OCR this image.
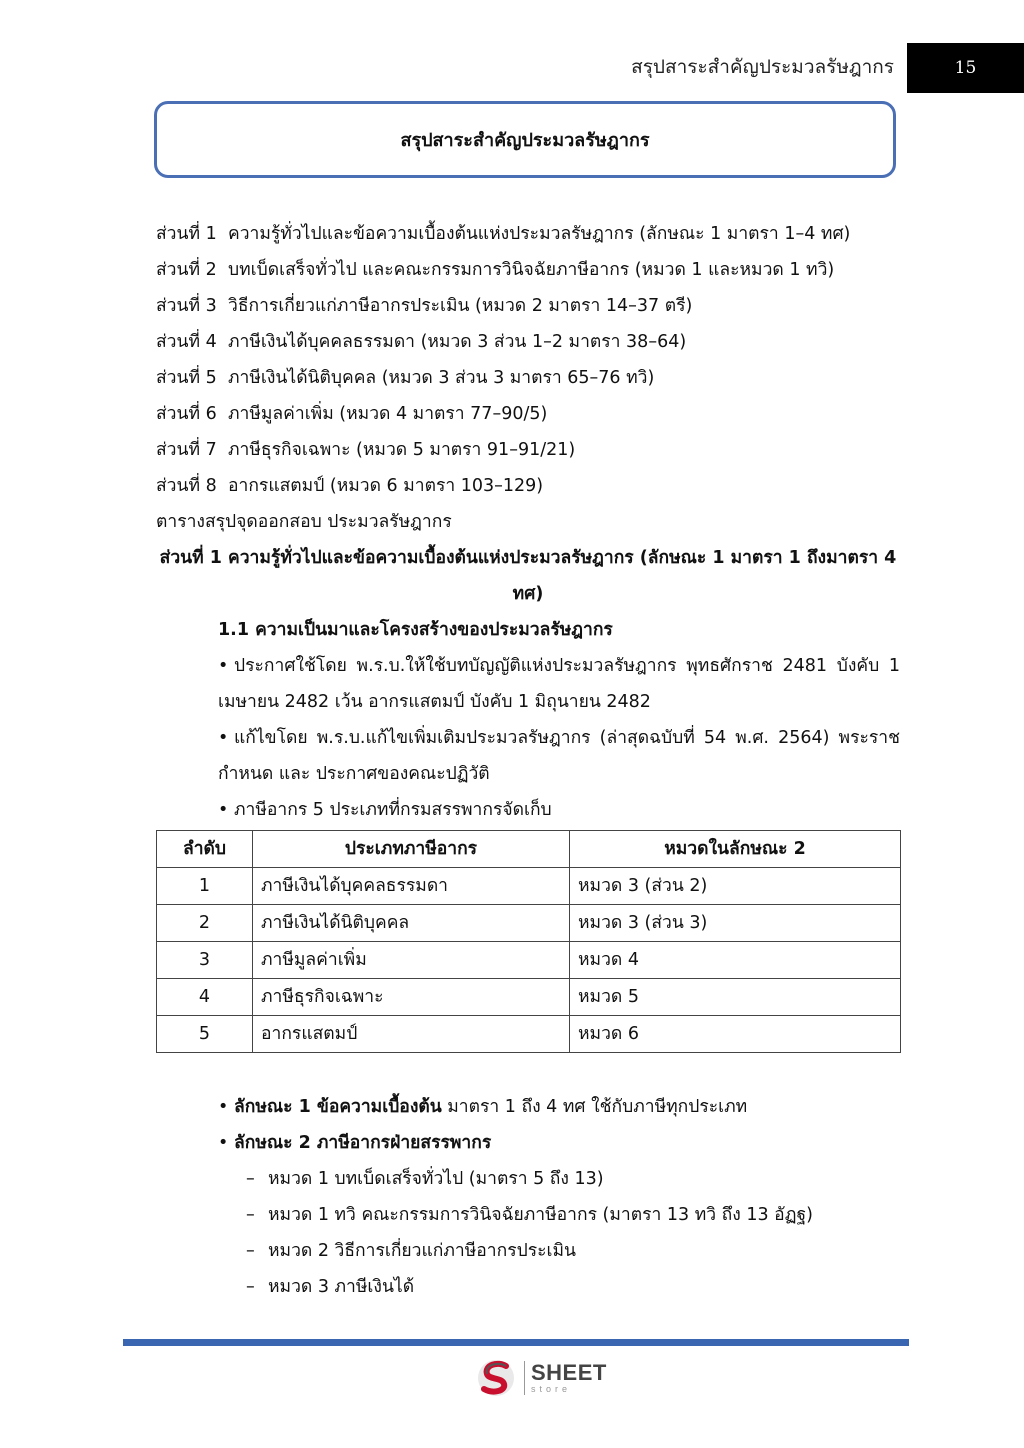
สรุปสาระสำคัญประมวลรัษฎากร	15
สรุปสาระสำคัญประมวลรัษฎากร
ส่วนที่ 1 ความรู้ทั่วไปและข้อความเบื้องต้นแห่งประมวลรัษฎากร (ลักษณะ 1 มาตรา 1–4 ทศ)
ส่วนที่ 2 บทเบ็ดเสร็จทั่วไป และคณะกรรมการวินิจฉัยภาษีอากร (หมวด 1 และหมวด 1 ทวิ)
ส่วนที่ 3 วิธีการเกี่ยวแก่ภาษีอากรประเมิน (หมวด 2 มาตรา 14–37 ตรี)
ส่วนที่ 4 ภาษีเงินได้บุคคลธรรมดา (หมวด 3 ส่วน 1–2 มาตรา 38–64)
ส่วนที่ 5 ภาษีเงินได้นิติบุคคล (หมวด 3 ส่วน 3 มาตรา 65–76 ทวิ)
ส่วนที่ 6 ภาษีมูลค่าเพิ่ม (หมวด 4 มาตรา 77–90/5)
ส่วนที่ 7 ภาษีธุรกิจเฉพาะ (หมวด 5 มาตรา 91–91/21)
ส่วนที่ 8 อากรแสตมป์ (หมวด 6 มาตรา 103–129)

ตารางสรุปจุดออกสอบ ประมวลรัษฎากร

ส่วนที่ 1 ความรู้ทั่วไปและข้อความเบื้องต้นแห่งประมวลรัษฎากร (ลักษณะ 1 มาตรา 1 ถึงมาตรา 4

ทศ)

1.1 ความเป็นมาและโครงสร้างของประมวลรัษฎากร

• ประกาศใช้โดย พ.ร.บ.ให้ใช้บทบัญญัติแห่งประมวลรัษฎากร พุทธศักราช 2481 บังคับ 1 เมษายน 2482 เว้น อากรแสตมป์ บังคับ 1 มิถุนายน 2482

• แก้ไขโดย พ.ร.บ.แก้ไขเพิ่มเติมประมวลรัษฎากร (ล่าสุดฉบับที่ 54 พ.ศ. 2564) พระราชกำหนด และ ประกาศของคณะปฏิวัติ

• ภาษีอากร 5 ประเภทที่กรมสรรพากรจัดเก็บ

ลำดับ	ประเภทภาษีอากร	หมวดในลักษณะ 2
1	ภาษีเงินได้บุคคลธรรมดา	หมวด 3 (ส่วน 2)
2	ภาษีเงินได้นิติบุคคล	หมวด 3 (ส่วน 3)
3	ภาษีมูลค่าเพิ่ม	หมวด 4
4	ภาษีธุรกิจเฉพาะ	หมวด 5
5	อากรแสตมป์	หมวด 6

• ลักษณะ 1 ข้อความเบื้องต้น มาตรา 1 ถึง 4 ทศ ใช้กับภาษีทุกประเภท

• ลักษณะ 2 ภาษีอากรฝ่ายสรรพากร

– หมวด 1 บทเบ็ดเสร็จทั่วไป (มาตรา 5 ถึง 13)

– หมวด 1 ทวิ คณะกรรมการวินิจฉัยภาษีอากร (มาตรา 13 ทวิ ถึง 13 อัฏฐ)

– หมวด 2 วิธีการเกี่ยวแก่ภาษีอากรประเมิน

– หมวด 3 ภาษีเงินได้

SHEET
store
